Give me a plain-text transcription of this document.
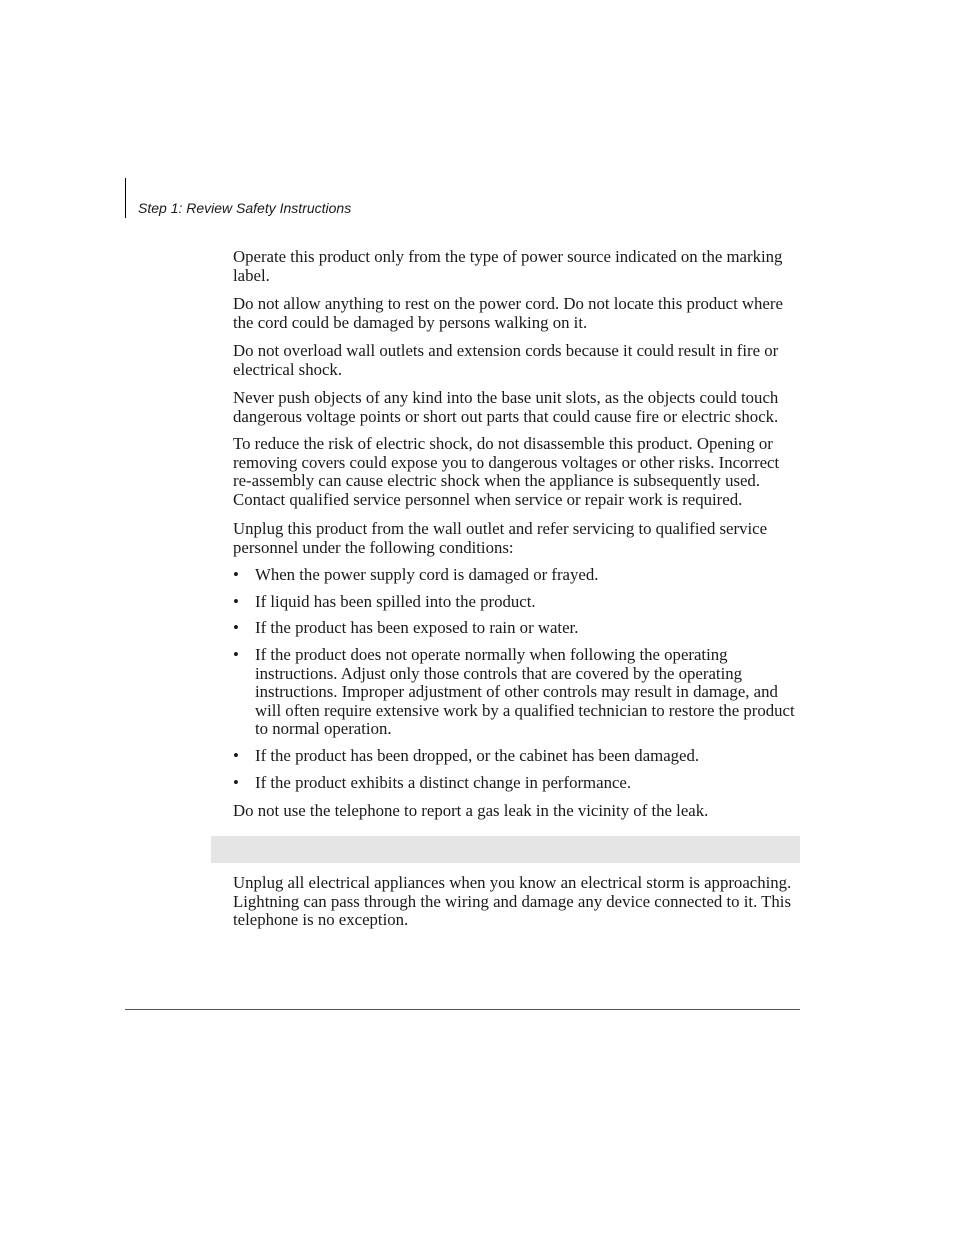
Step 1: Review Safety Instructions

Operate this product only from the type of power source indicated on the marking label.

Do not allow anything to rest on the power cord. Do not locate this product where the cord could be damaged by persons walking on it.

Do not overload wall outlets and extension cords because it could result in fire or electrical shock.

Never push objects of any kind into the base unit slots, as the objects could touch dangerous voltage points or short out parts that could cause fire or electric shock.

To reduce the risk of electric shock, do not disassemble this product. Opening or removing covers could expose you to dangerous voltages or other risks. Incorrect re-assembly can cause electric shock when the appliance is subsequently used. Contact qualified service personnel when service or repair work is required.

Unplug this product from the wall outlet and refer servicing to qualified service personnel under the following conditions:

• When the power supply cord is damaged or frayed.
• If liquid has been spilled into the product.
• If the product has been exposed to rain or water.
• If the product does not operate normally when following the operating instructions. Adjust only those controls that are covered by the operating instructions. Improper adjustment of other controls may result in damage, and will often require extensive work by a qualified technician to restore the product to normal operation.
• If the product has been dropped, or the cabinet has been damaged.
• If the product exhibits a distinct change in performance.

Do not use the telephone to report a gas leak in the vicinity of the leak.

Unplug all electrical appliances when you know an electrical storm is approaching. Lightning can pass through the wiring and damage any device connected to it. This telephone is no exception.
